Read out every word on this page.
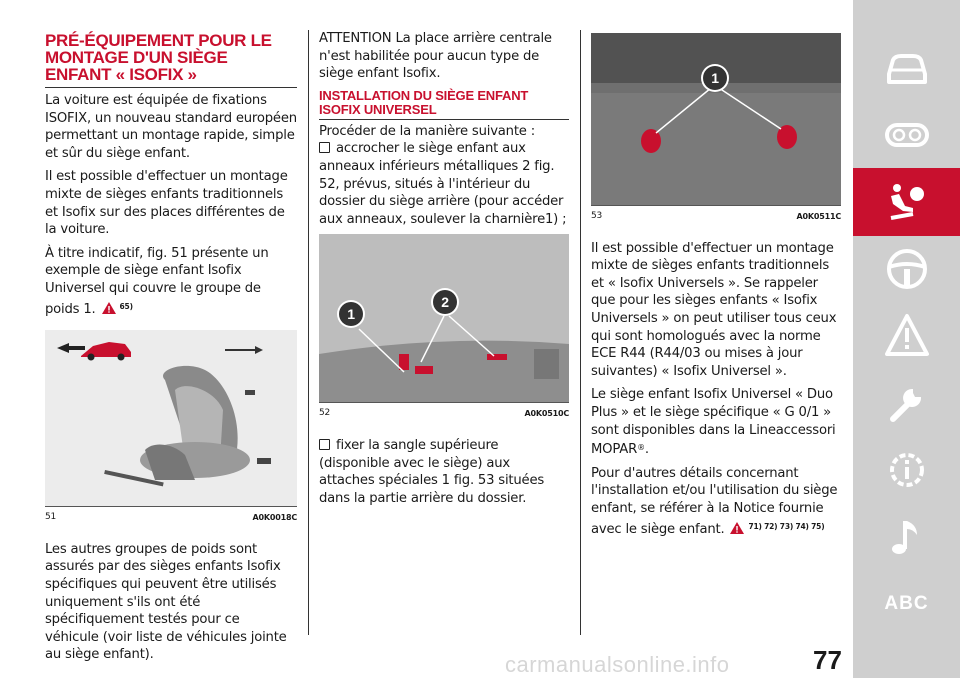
PRÉ-ÉQUIPEMENT POUR LE MONTAGE D'UN SIÈGE ENFANT « ISOFIX »

La voiture est équipée de fixations ISOFIX, un nouveau standard européen permettant un montage rapide, simple et sûr du siège enfant.

Il est possible d'effectuer un montage mixte de sièges enfants traditionnels et Isofix sur des places différentes de la voiture.

À titre indicatif, fig. 51 présente un exemple de siège enfant Isofix Universel qui couvre le groupe de poids 1.	$^{65)}$

51	A0K0018C

Les autres groupes de poids sont assurés par des sièges enfants Isofix spécifiques qui peuvent être utilisés uniquement s'ils ont été spécifiquement testés pour ce véhicule (voir liste de véhicules jointe au siège enfant).

ATTENTION La place arrière centrale n'est habilitée pour aucun type de siège enfant Isofix.

INSTALLATION DU SIÈGE ENFANT ISOFIX UNIVERSEL

Procéder de la manière suivante :

accrocher le siège enfant aux anneaux inférieurs métalliques 2 fig. 52, prévus, situés à l'intérieur du dossier du siège arrière (pour accéder aux anneaux, soulever la charnière1) ;

1
2
52	A0K0510C

fixer la sangle supérieure (disponible avec le siège) aux attaches spéciales 1 fig. 53 situées dans la partie arrière du dossier.

1
53	A0K0511C

Il est possible d'effectuer un montage mixte de sièges enfants traditionnels et « Isofix Universels ». Se rappeler que pour les sièges enfants « Isofix Universels » on peut utiliser tous ceux qui sont homologués avec la norme ECE R44 (R44/03 ou mises à jour suivantes) « Isofix Universel ».

Le siège enfant Isofix Universel « Duo Plus » et le siège spécifique « G 0/1 » sont disponibles dans la Lineaccessori MOPAR®.

Pour d'autres détails concernant l'installation et/ou l'utilisation du siège enfant, se référer à la Notice fournie avec le siège enfant.	$^{71) 72) 73) 74) 75)}$

ABC
77
carmanualsonline.info
